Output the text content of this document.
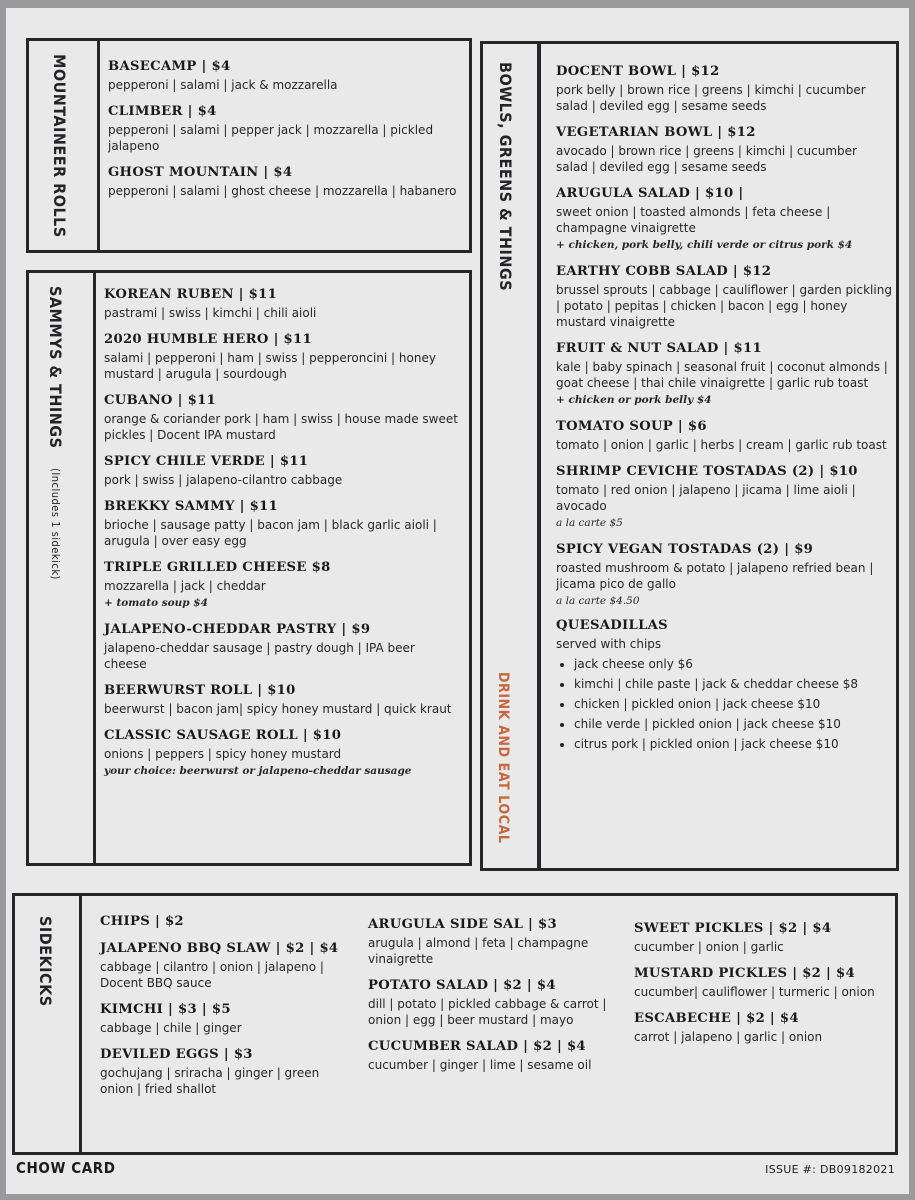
MOUNTAINEER ROLLS	BASECAMP | $4
pepperoni | salami | jack & mozzarella
CLIMBER | $4
pepperoni | salami | pepper jack | mozzarella | pickled jalapeno
GHOST MOUNTAIN | $4
pepperoni | salami | ghost cheese | mozzarella | habanero
SAMMYS & THINGS (Includes 1 sidekick)
KOREAN RUBEN | $11
pastrami | swiss | kimchi | chili aioli
2020 HUMBLE HERO | $11
salami | pepperoni | ham | swiss | pepperoncini | honey mustard | arugula | sourdough
CUBANO | $11
orange & coriander pork | ham | swiss | house made sweet pickles | Docent IPA mustard
SPICY CHILE VERDE | $11
pork | swiss | jalapeno-cilantro cabbage
BREKKY SAMMY | $11
brioche | sausage patty | bacon jam | black garlic aioli | arugula | over easy egg
TRIPLE GRILLED CHEESE $8
mozzarella | jack | cheddar
+ tomato soup $4
JALAPENO-CHEDDAR PASTRY | $9
jalapeno-cheddar sausage | pastry dough | IPA beer cheese
BEERWURST ROLL | $10
beerwurst | bacon jam| spicy honey mustard | quick kraut
CLASSIC SAUSAGE ROLL | $10
onions | peppers | spicy honey mustard
your choice: beerwurst or jalapeno-cheddar sausage
BOWLS, GREENS & THINGS
DRINK AND EAT LOCAL
DOCENT BOWL | $12
pork belly | brown rice | greens | kimchi | cucumber salad | deviled egg | sesame seeds
VEGETARIAN BOWL | $12
avocado | brown rice | greens | kimchi | cucumber salad | deviled egg | sesame seeds
ARUGULA SALAD | $10 |
sweet onion | toasted almonds | feta cheese | champagne vinaigrette
+ chicken, pork belly, chili verde or citrus pork $4
EARTHY COBB SALAD | $12
brussel sprouts | cabbage | cauliflower | garden pickling | potato | pepitas | chicken | bacon | egg | honey mustard vinaigrette
FRUIT & NUT SALAD | $11
kale | baby spinach | seasonal fruit | coconut almonds | goat cheese | thai chile vinaigrette | garlic rub toast
+ chicken or pork belly $4
TOMATO SOUP | $6
tomato | onion | garlic | herbs | cream | garlic rub toast
SHRIMP CEVICHE TOSTADAS (2) | $10
tomato | red onion | jalapeno | jicama | lime aioli | avocado
a la carte $5
SPICY VEGAN TOSTADAS (2) | $9
roasted mushroom & potato | jalapeno refried bean | jicama pico de gallo
a la carte $4.50
QUESADILLAS
served with chips
• jack cheese only $6
• kimchi | chile paste | jack & cheddar cheese $8
• chicken | pickled onion | jack cheese $10
• chile verde | pickled onion | jack cheese $10
• citrus pork | pickled onion | jack cheese $10
SIDEKICKS	CHIPS | $2
JALAPENO BBQ SLAW | $2 | $4
cabbage | cilantro | onion | jalapeno | Docent BBQ sauce
KIMCHI | $3 | $5
cabbage | chile | ginger
DEVILED EGGS | $3
gochujang | sriracha | ginger | green onion | fried shallot
ARUGULA SIDE SAL | $3
arugula | almond | feta | champagne vinaigrette
POTATO SALAD | $2 | $4
dill | potato | pickled cabbage & carrot | onion | egg | beer mustard | mayo
CUCUMBER SALAD | $2 | $4
cucumber | ginger | lime | sesame oil
SWEET PICKLES | $2 | $4
cucumber | onion | garlic
MUSTARD PICKLES | $2 | $4
cucumber| cauliflower | turmeric | onion
ESCABECHE | $2 | $4
carrot | jalapeno | garlic | onion
CHOW CARD	ISSUE #: DB09182021
